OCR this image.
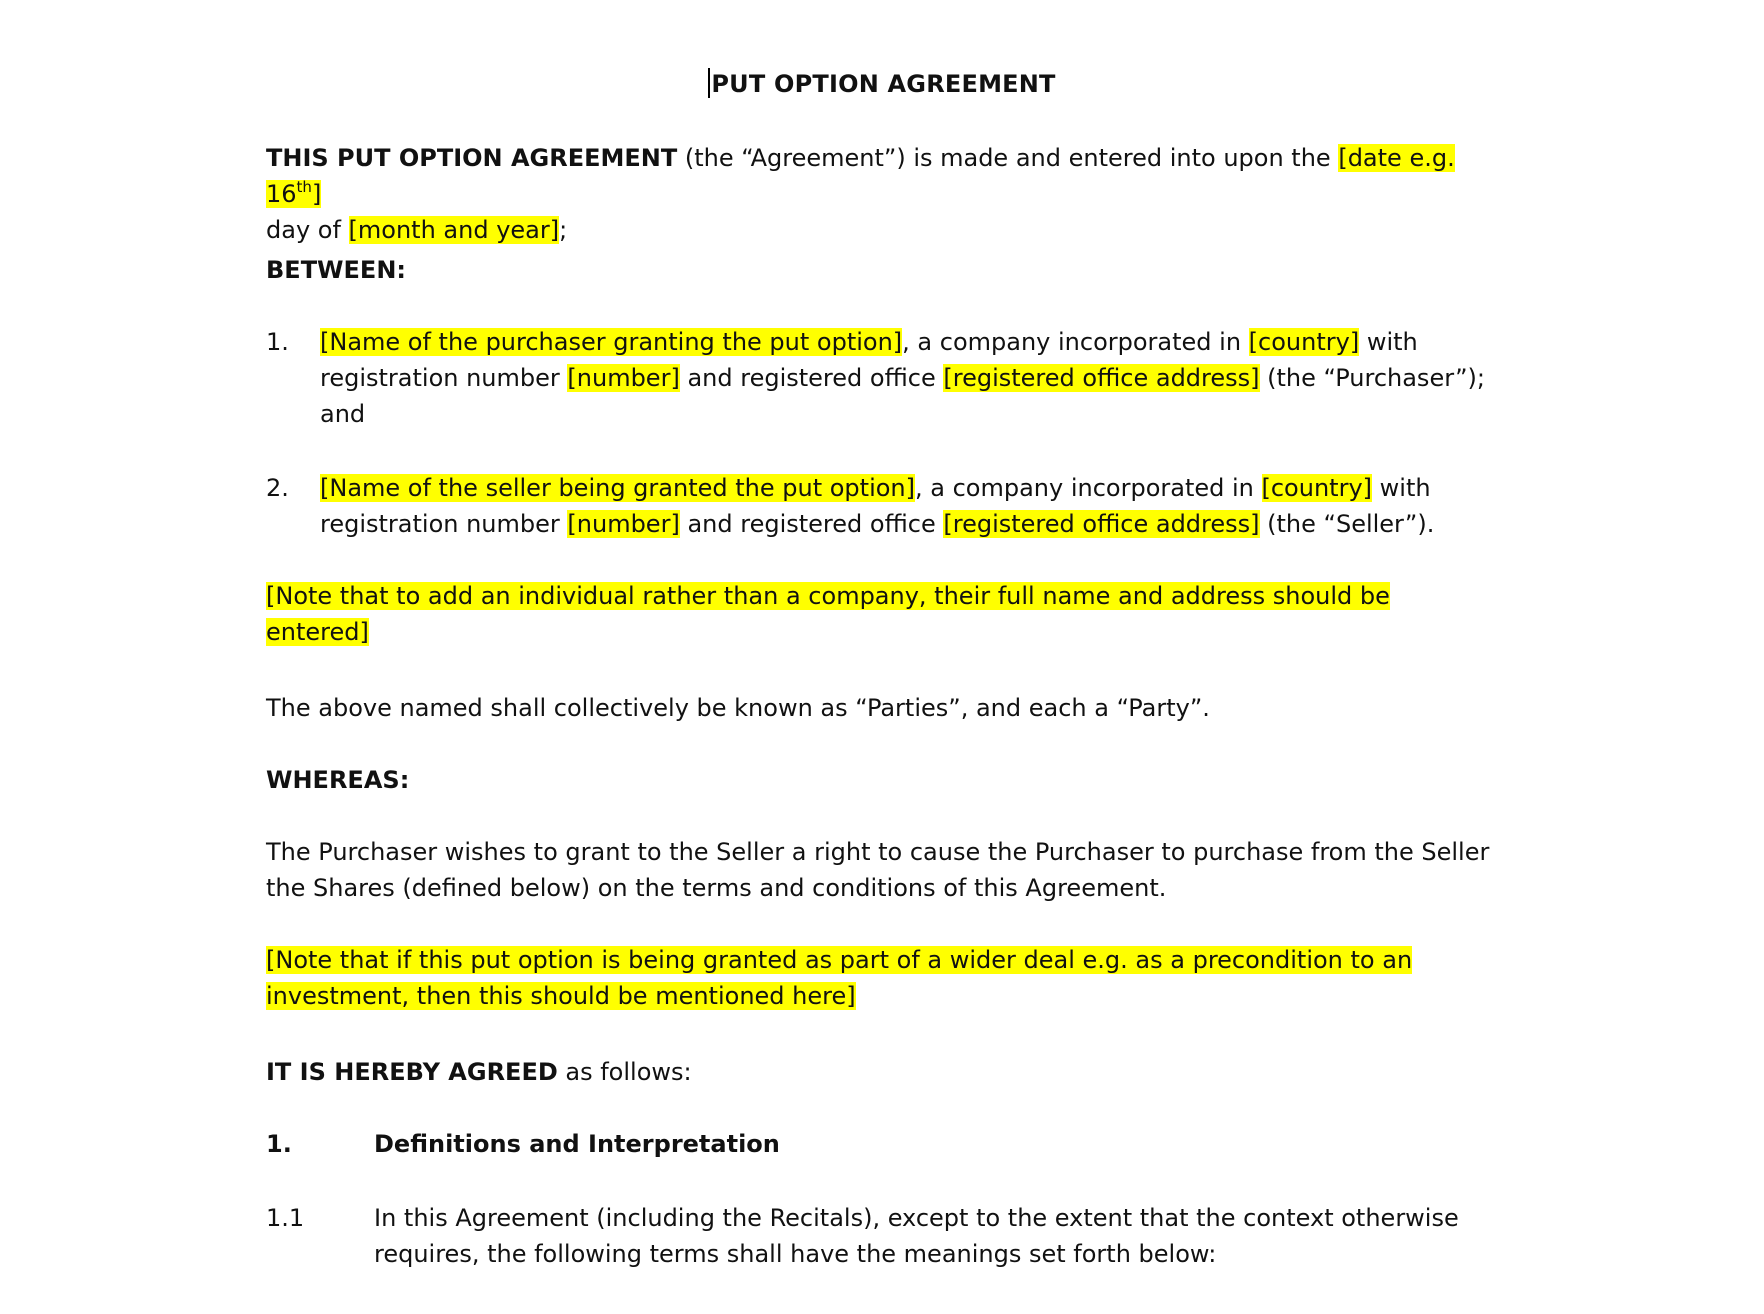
PUT OPTION AGREEMENT

THIS PUT OPTION AGREEMENT (the “Agreement”) is made and entered into upon the [date e.g. 16th]
day of [month and year];

BETWEEN:

1. [Name of the purchaser granting the put option], a company incorporated in [country] with registration number [number] and registered office [registered office address] (the “Purchaser”); and

2. [Name of the seller being granted the put option], a company incorporated in [country] with registration number [number] and registered office [registered office address] (the “Seller”).

[Note that to add an individual rather than a company, their full name and address should be entered]

The above named shall collectively be known as “Parties”, and each a “Party”.

WHEREAS:

The Purchaser wishes to grant to the Seller a right to cause the Purchaser to purchase from the Seller the Shares (defined below) on the terms and conditions of this Agreement.

[Note that if this put option is being granted as part of a wider deal e.g. as a precondition to an investment, then this should be mentioned here]

IT IS HEREBY AGREED as follows:

1.	Definitions and Interpretation

1.1	In this Agreement (including the Recitals), except to the extent that the context otherwise requires, the following terms shall have the meanings set forth below:
